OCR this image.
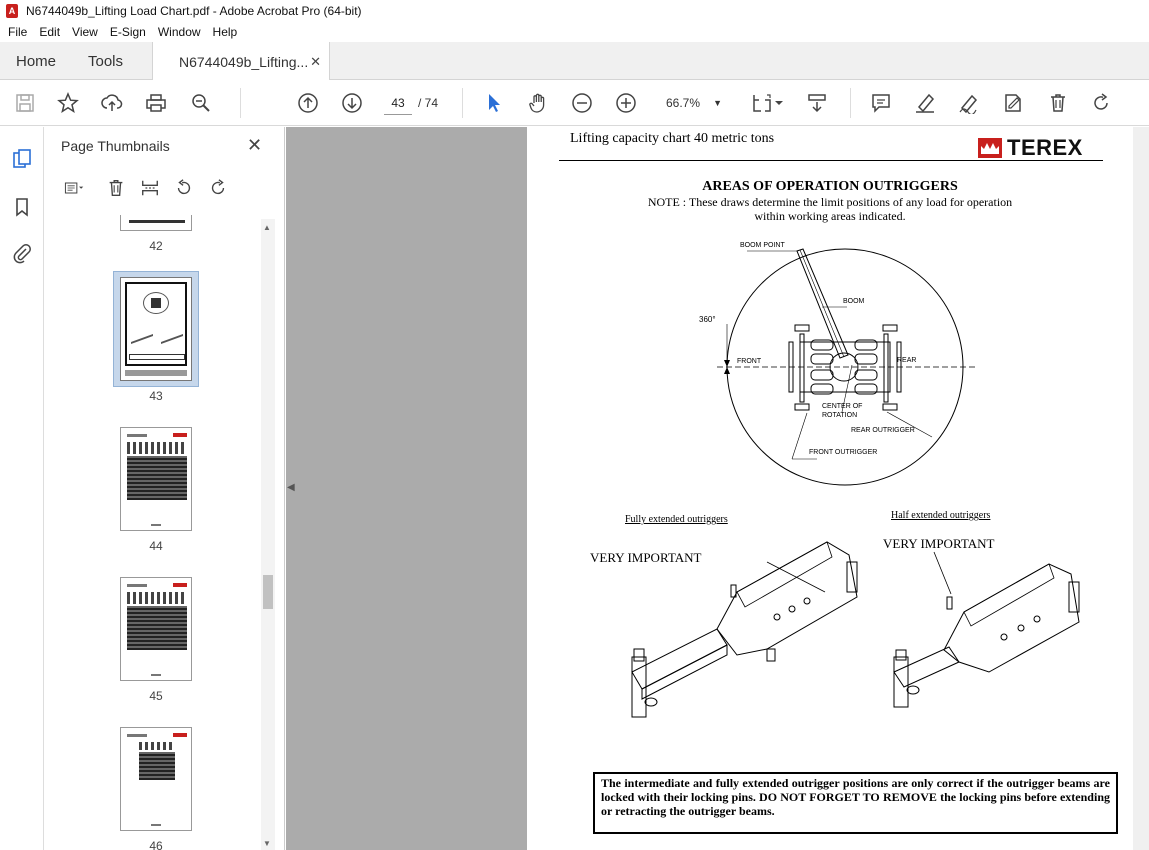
A N6744049b_Lifting Load Chart.pdf - Adobe Acrobat Pro (64-bit)
File Edit View E-Sign Window Help
Home Tools	N6744049b_Lifting... ✕
43	/ 74	66.7% ▼
Page Thumbnails	✕
42
43
44
45
46
▲
▼
◀
Lifting capacity chart 40 metric tons	TEREX
AREAS OF OPERATION OUTRIGGERS
NOTE : These draws determine the limit positions of any load for operation
within working areas indicated.
BOOM POINT
BOOM
360°
FRONT	REAR
CENTER OF
ROTATION
REAR OUTRIGGER
FRONT OUTRIGGER
Fully extended outriggers	Half extended outriggers
VERY IMPORTANT
VERY IMPORTANT
The intermediate and fully extended outrigger positions are only correct if the outrigger beams are locked with their locking pins. DO NOT FORGET TO REMOVE the locking pins before extending or retracting the outrigger beams.
